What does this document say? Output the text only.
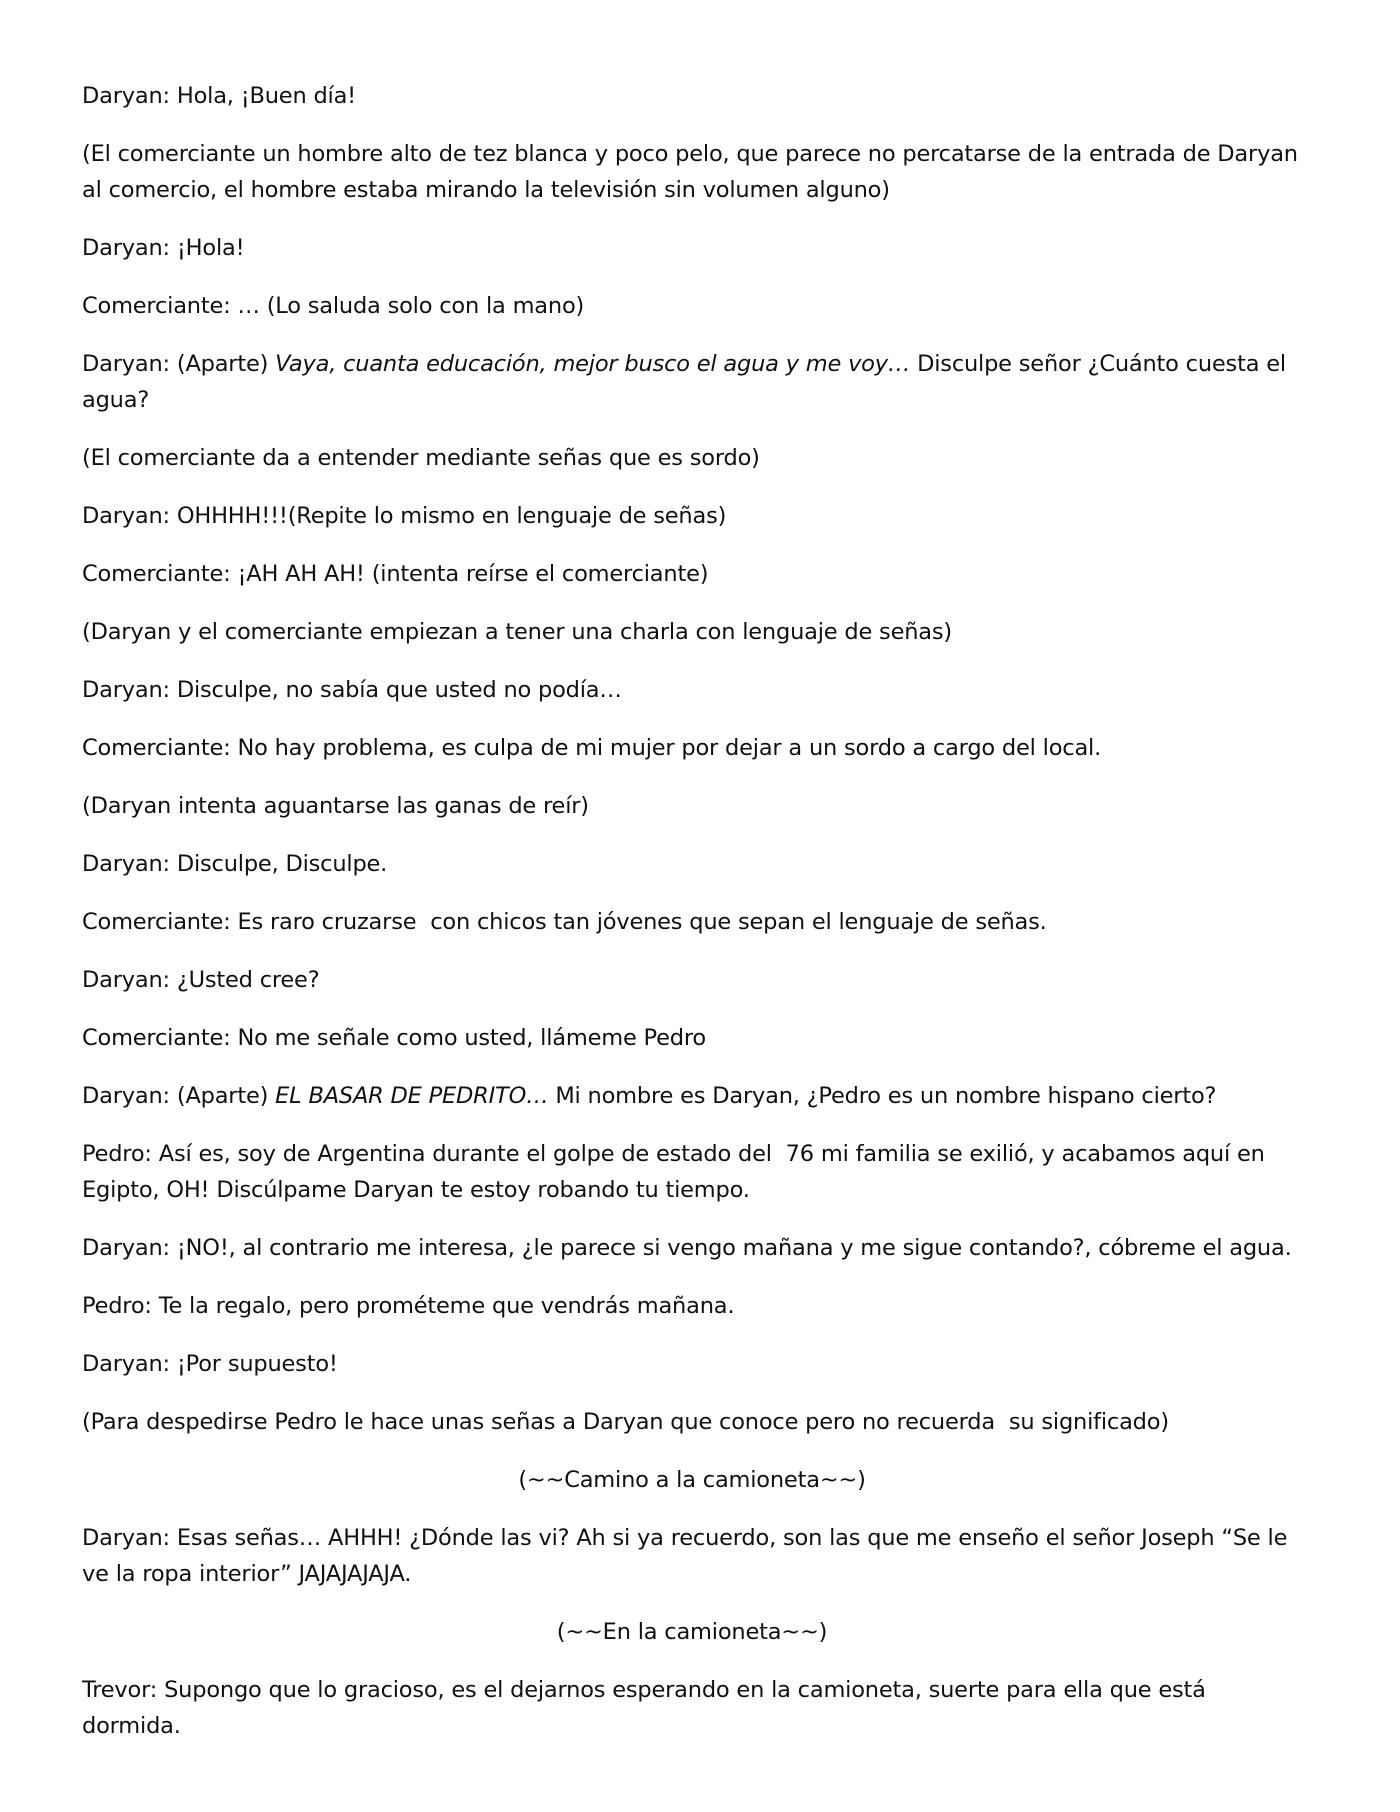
Daryan: Hola, ¡Buen día!

(El comerciante un hombre alto de tez blanca y poco pelo, que parece no percatarse de la entrada de Daryan al comercio, el hombre estaba mirando la televisión sin volumen alguno)

Daryan: ¡Hola!

Comerciante: … (Lo saluda solo con la mano)

Daryan: (Aparte) Vaya, cuanta educación, mejor busco el agua y me voy… Disculpe señor ¿Cuánto cuesta el agua?

(El comerciante da a entender mediante señas que es sordo)

Daryan: OHHHH!!!(Repite lo mismo en lenguaje de señas)

Comerciante: ¡AH AH AH! (intenta reírse el comerciante)

(Daryan y el comerciante empiezan a tener una charla con lenguaje de señas)

Daryan: Disculpe, no sabía que usted no podía…

Comerciante: No hay problema, es culpa de mi mujer por dejar a un sordo a cargo del local.

(Daryan intenta aguantarse las ganas de reír)

Daryan: Disculpe, Disculpe.

Comerciante: Es raro cruzarse  con chicos tan jóvenes que sepan el lenguaje de señas.

Daryan: ¿Usted cree?

Comerciante: No me señale como usted, llámeme Pedro

Daryan: (Aparte) EL BASAR DE PEDRITO… Mi nombre es Daryan, ¿Pedro es un nombre hispano cierto?

Pedro: Así es, soy de Argentina durante el golpe de estado del  76 mi familia se exilió, y acabamos aquí en Egipto, OH! Discúlpame Daryan te estoy robando tu tiempo.

Daryan: ¡NO!, al contrario me interesa, ¿le parece si vengo mañana y me sigue contando?, cóbreme el agua.

Pedro: Te la regalo, pero prométeme que vendrás mañana.

Daryan: ¡Por supuesto!

(Para despedirse Pedro le hace unas señas a Daryan que conoce pero no recuerda  su significado)

(~~Camino a la camioneta~~)

Daryan: Esas señas… AHHH! ¿Dónde las vi? Ah si ya recuerdo, son las que me enseño el señor Joseph “Se le ve la ropa interior” JAJAJAJAJA.

(~~En la camioneta~~)

Trevor: Supongo que lo gracioso, es el dejarnos esperando en la camioneta, suerte para ella que está dormida.
